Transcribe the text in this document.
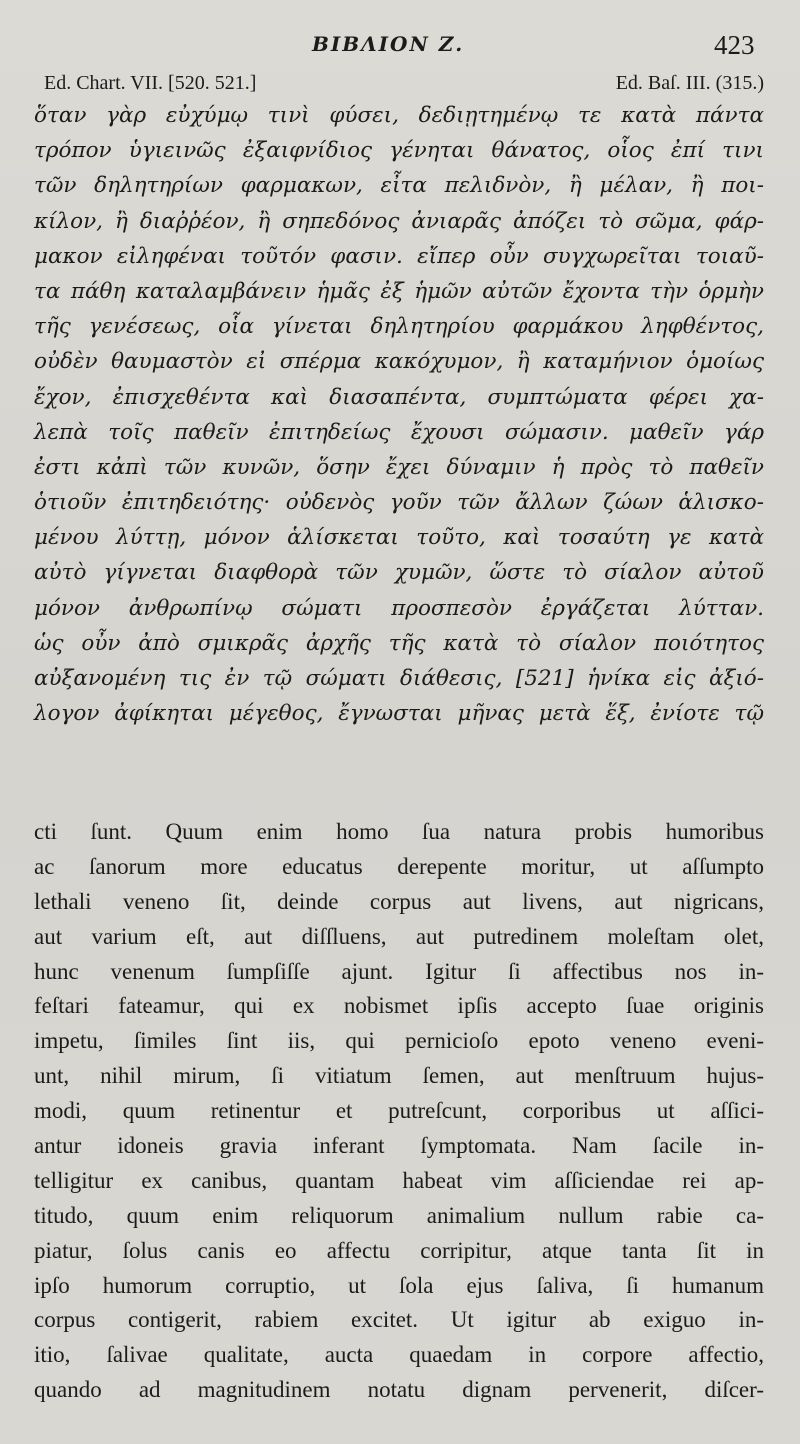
ΒΙΒΛΙΟΝ Ζ.	423
Ed. Chart. VII. [520. 521.]	Ed. Baſ. III. (315.)
ὅταν γὰρ εὐχύμῳ τινὶ φύσει, δεδιῃτημένῳ τε κατὰ πάντα
τρόπον ὑγιεινῶς ἐξαιφνίδιος γένηται θάνατος, οἷος ἐπί τινι
τῶν δηλητηρίων φαρμακων, εἶτα πελιδνὸν, ἢ μέλαν, ἢ ποι-
κίλον, ἢ διαῤῥέον, ἢ σηπεδόνος ἀνιαρᾶς ἀπόζει τὸ σῶμα, φάρ-
μακον εἰληφέναι τοῦτόν φασιν. εἴπερ οὖν συγχωρεῖται τοιαῦ-
τα πάθη καταλαμβάνειν ἡμᾶς ἐξ ἡμῶν αὐτῶν ἔχοντα τὴν ὁρμὴν
τῆς γενέσεως, οἷα γίνεται δηλητηρίου φαρμάκου ληφθέντος,
οὐδὲν θαυμαστὸν εἰ σπέρμα κακόχυμον, ἢ καταμήνιον ὁμοίως
ἔχον, ἐπισχεθέντα καὶ διασαπέντα, συμπτώματα φέρει χα-
λεπὰ τοῖς παθεῖν ἐπιτηδείως ἔχουσι σώμασιν. μαθεῖν γάρ
ἐστι κἀπὶ τῶν κυνῶν, ὅσην ἔχει δύναμιν ἡ πρὸς τὸ παθεῖν
ὁτιοῦν ἐπιτηδειότης· οὐδενὸς γοῦν τῶν ἄλλων ζώων ἁλισκο-
μένου λύττῃ, μόνον ἁλίσκεται τοῦτο, καὶ τοσαύτη γε κατὰ
αὐτὸ γίγνεται διαφθορὰ τῶν χυμῶν, ὥστε τὸ σίαλον αὐτοῦ
μόνον ἀνθρωπίνῳ σώματι προσπεσὸν ἐργάζεται λύτταν.
ὡς οὖν ἀπὸ σμικρᾶς ἀρχῆς τῆς κατὰ τὸ σίαλον ποιότητος
αὐξανομένη τις ἐν τῷ σώματι διάθεσις, [521] ἡνίκα εἰς ἀξιό-
λογον ἀφίκηται μέγεθος, ἔγνωσται μῆνας μετὰ ἕξ, ἐνίοτε τῷ
cti ſunt. Quum enim homo ſua natura probis humoribus
ac ſanorum more educatus derepente moritur, ut aſſumpto
lethali veneno ſit, deinde corpus aut livens, aut nigricans,
aut varium eſt, aut diſſluens, aut putredinem moleſtam olet,
hunc venenum ſumpſiſſe ajunt. Igitur ſi affectibus nos in-
feſtari fateamur, qui ex nobismet ipſis accepto ſuae originis
impetu, ſimiles ſint iis, qui pernicioſo epoto veneno eveni-
unt, nihil mirum, ſi vitiatum ſemen, aut menſtruum hujus-
modi, quum retinentur et putreſcunt, corporibus ut aſſici-
antur idoneis gravia inferant ſymptomata. Nam ſacile in-
telligitur ex canibus, quantam habeat vim aſſiciendae rei ap-
titudo, quum enim reliquorum animalium nullum rabie ca-
piatur, ſolus canis eo affectu corripitur, atque tanta ſit in
ipſo humorum corruptio, ut ſola ejus ſaliva, ſi humanum
corpus contigerit, rabiem excitet. Ut igitur ab exiguo in-
itio, ſalivae qualitate, aucta quaedam in corpore affectio,
quando ad magnitudinem notatu dignam pervenerit, diſcer-
